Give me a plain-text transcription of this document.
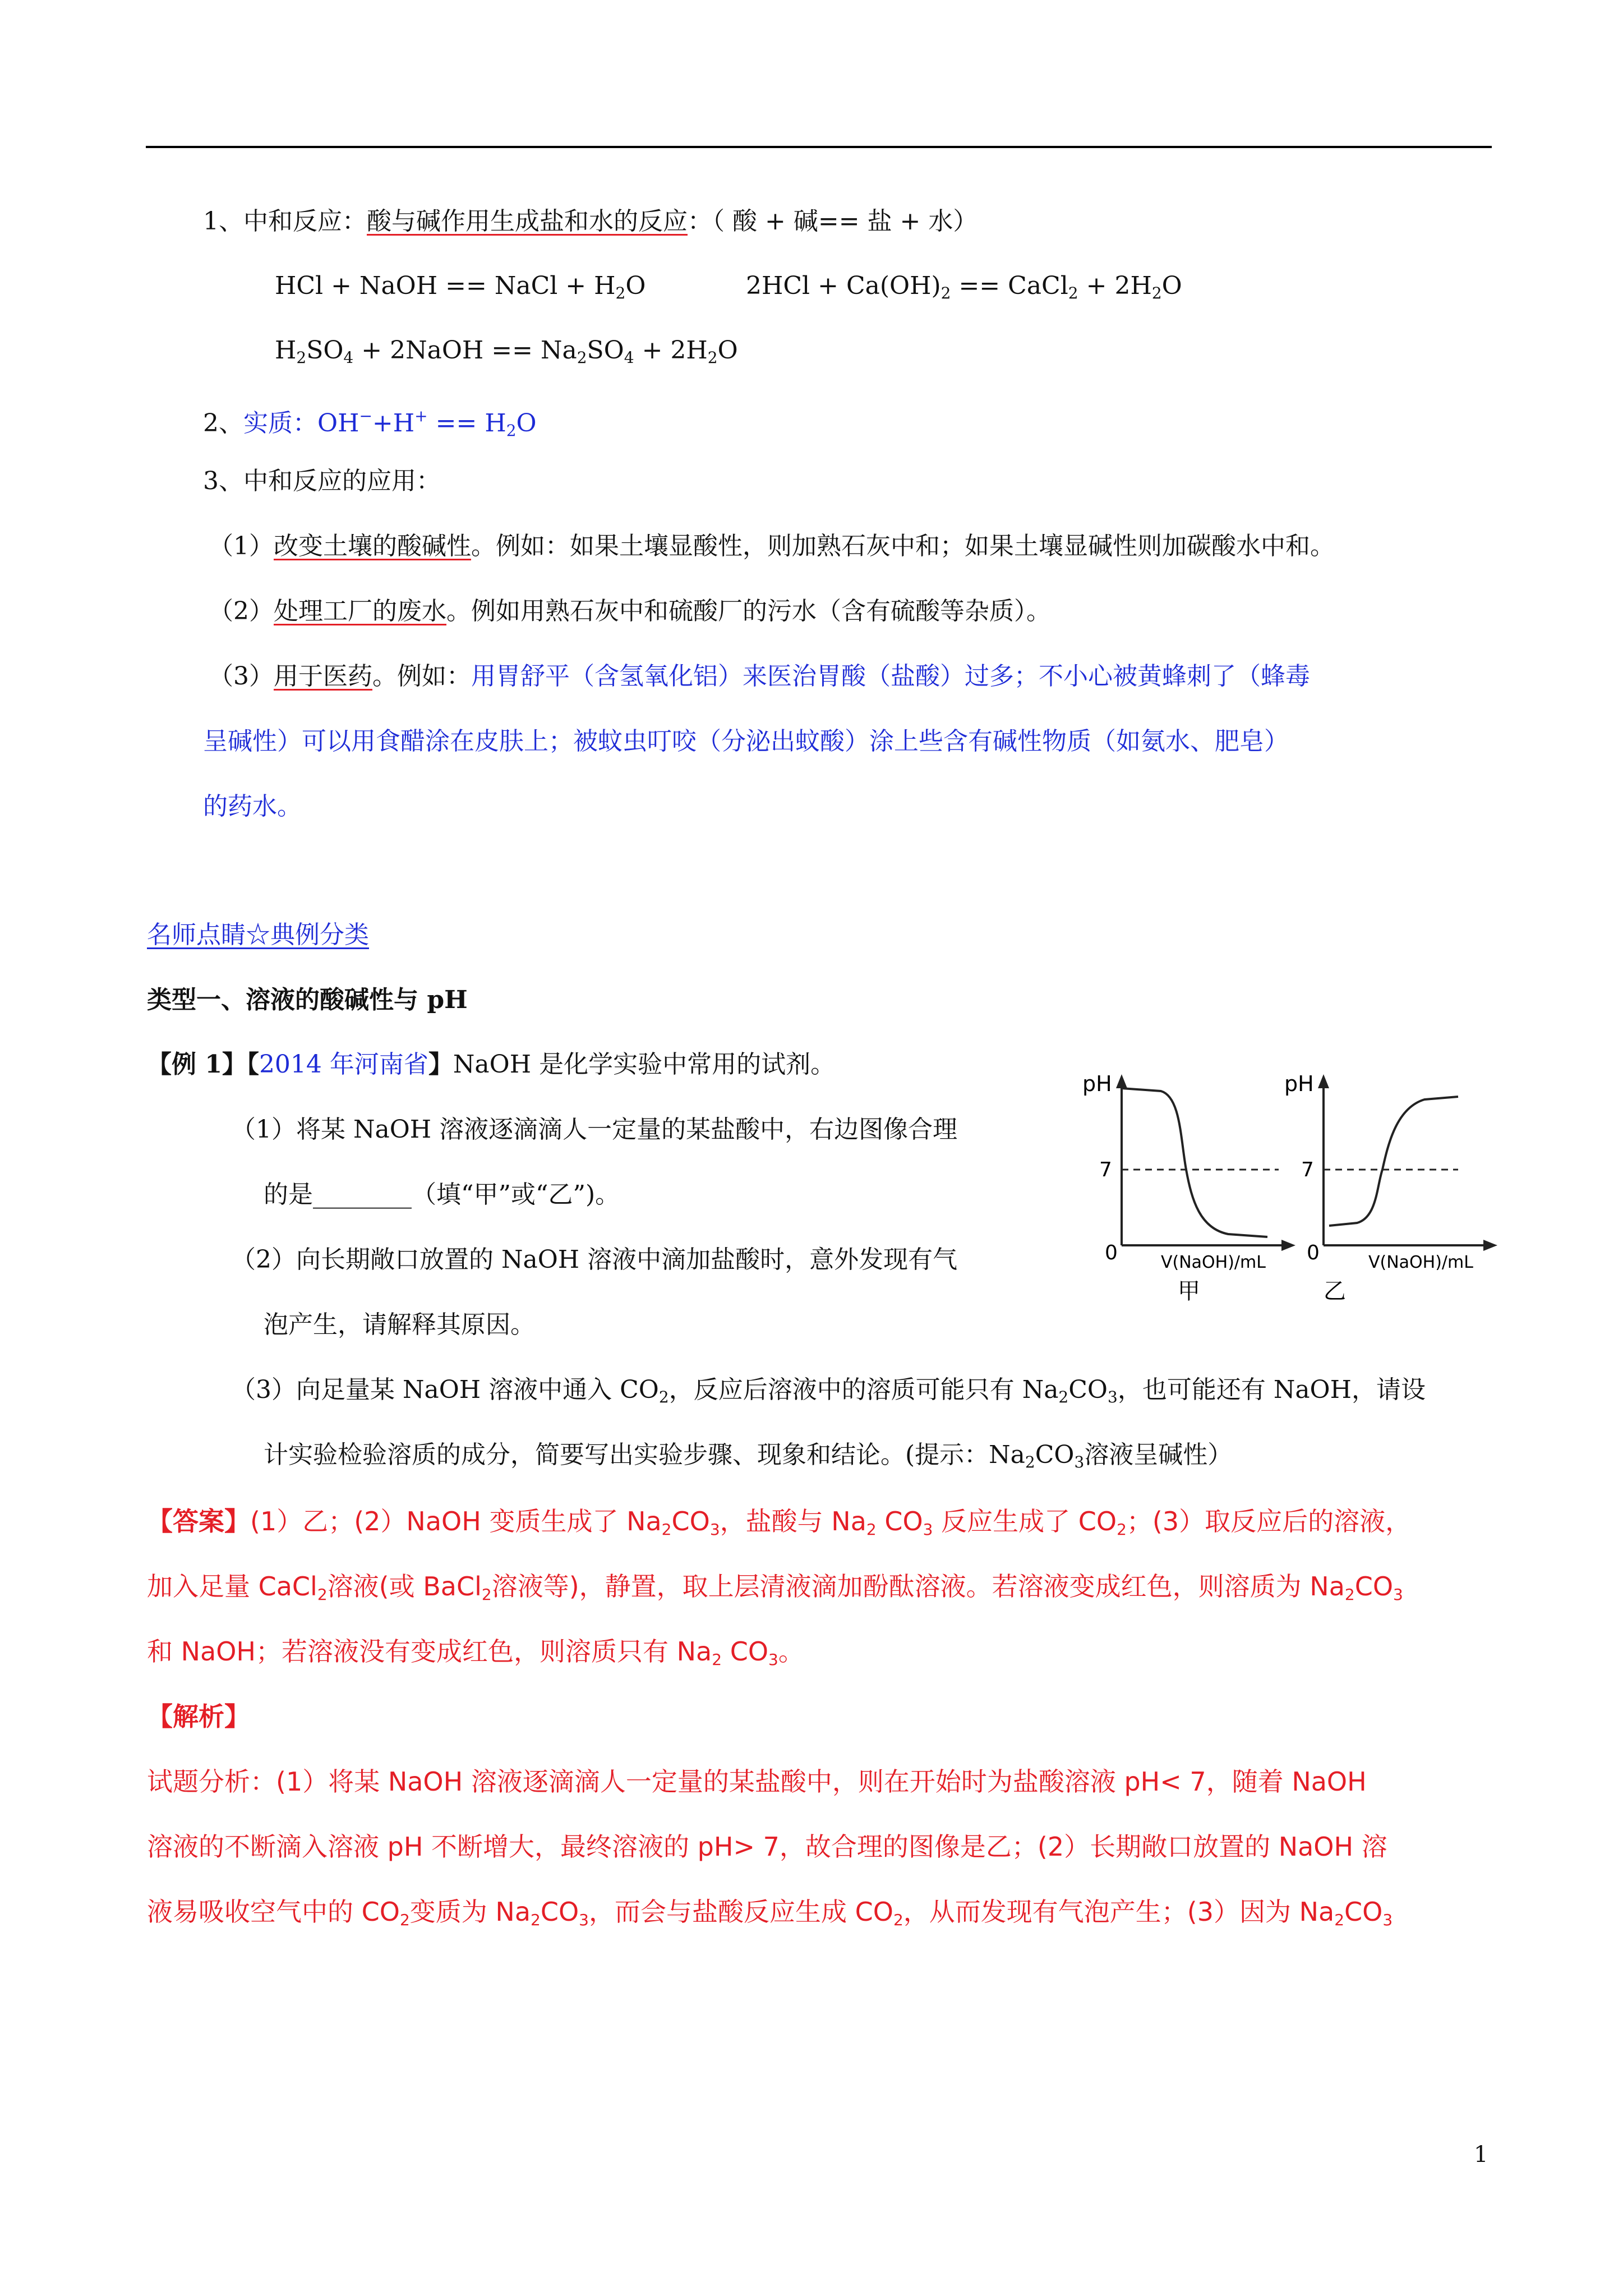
1、中和反应：酸与碱作用生成盐和水的反应：（ 酸 + 碱== 盐 + 水）
HCl + NaOH == NaCl + $H_2O$	$2HCl + Ca(OH)_2$ == CaCl$_2$ + $2H_2O$
$H_2SO_4$ + 2NaOH == $Na_2SO_4 + 2H_2O$
2、实质：$OH^-+H^+ == H_2O$
3、中和反应的应用：
（1）改变土壤的酸碱性。例如：如果土壤显酸性，则加熟石灰中和；如果土壤显碱性则加碳酸水中和。
（2）处理工厂的废水。例如用熟石灰中和硫酸厂的污水（含有硫酸等杂质）。
（3）用于医药。例如：用胃舒平（含氢氧化铝）来医治胃酸（盐酸）过多；不小心被黄蜂刺了（蜂毒
呈碱性）可以用食醋涂在皮肤上；被蚊虫叮咬（分泌出蚊酸）涂上些含有碱性物质（如氨水、肥皂）
的药水。
名师点睛☆典例分类
类型一、溶液的酸碱性与 pH
【例 1】【2014 年河南省】NaOH 是化学实验中常用的试剂。
（1）将某 NaOH 溶液逐滴滴人一定量的某盐酸中，右边图像合理
的是________（填“甲”或“乙”)。
（2）向长期敞口放置的 NaOH 溶液中滴加盐酸时，意外发现有气
泡产生，请解释其原因。
（3）向足量某 NaOH 溶液中通入 $CO_2$，反应后溶液中的溶质可能只有 $Na_2CO_3$，也可能还有 NaOH，请设
计实验检验溶质的成分，简要写出实验步骤、现象和结论。(提示：$Na_2CO_3$溶液呈碱性）
pH
7
0	V(NaOH)/mL
甲
pH
7
0	V(NaOH)/mL
乙
【答案】(1）乙；(2）NaOH 变质生成了 $Na_2CO_3$，盐酸与 $Na_2$ $CO_3$ 反应生成了 $CO_2$；(3）取反应后的溶液，
加入足量 CaCl$_2$溶液(或 BaCl$_2$溶液等)，静置，取上层清液滴加酚酞溶液。若溶液变成红色，则溶质为 $Na_2CO_3$
和 NaOH；若溶液没有变成红色，则溶质只有 $Na_2$ $CO_3$。
【解析】
试题分析：(1）将某 NaOH 溶液逐滴滴人一定量的某盐酸中，则在开始时为盐酸溶液 pH< 7，随着 NaOH
溶液的不断滴入溶液 pH 不断增大，最终溶液的 pH> 7，故合理的图像是乙；(2）长期敞口放置的 NaOH 溶
液易吸收空气中的 $CO_2$变质为 $Na_2CO_3$，而会与盐酸反应生成 $CO_2$，从而发现有气泡产生；(3）因为 $Na_2CO_3$
1
